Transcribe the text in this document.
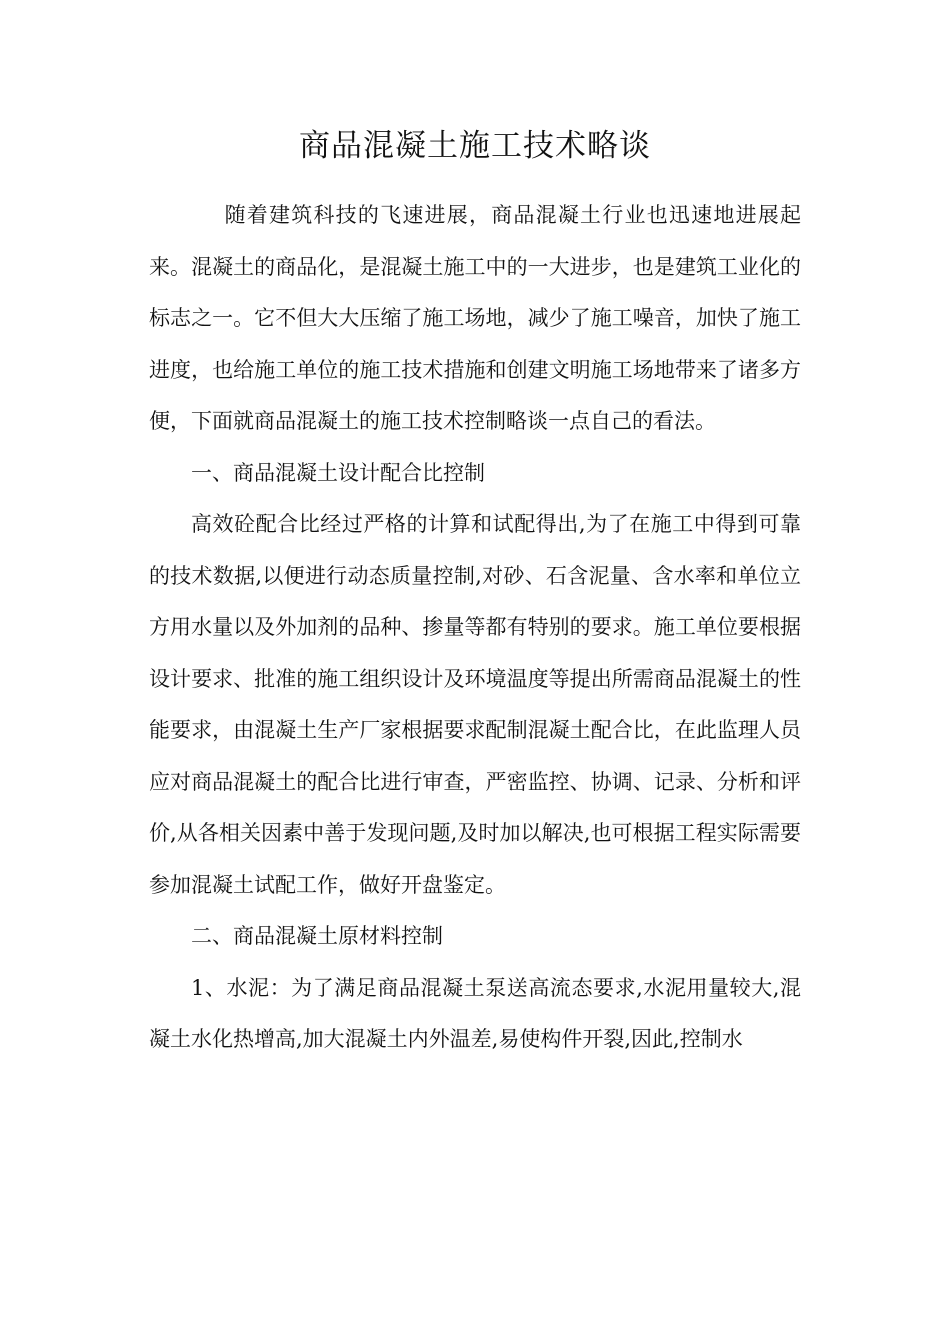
商品混凝土施工技术略谈

随着建筑科技的飞速进展，商品混凝土行业也迅速地进展起来。混凝土的商品化，是混凝土施工中的一大进步，也是建筑工业化的标志之一。它不但大大压缩了施工场地，减少了施工噪音，加快了施工进度，也给施工单位的施工技术措施和创建文明施工场地带来了诸多方便，下面就商品混凝土的施工技术控制略谈一点自己的看法。

一、商品混凝土设计配合比控制

高效砼配合比经过严格的计算和试配得出,为了在施工中得到可靠的技术数据,以便进行动态质量控制,对砂、石含泥量、含水率和单位立方用水量以及外加剂的品种、掺量等都有特别的要求。施工单位要根据设计要求、批准的施工组织设计及环境温度等提出所需商品混凝土的性能要求，由混凝土生产厂家根据要求配制混凝土配合比，在此监理人员应对商品混凝土的配合比进行审查，严密监控、协调、记录、分析和评价,从各相关因素中善于发现问题,及时加以解决,也可根据工程实际需要参加混凝土试配工作，做好开盘鉴定。

二、商品混凝土原材料控制

1、水泥：为了满足商品混凝土泵送高流态要求,水泥用量较大,混凝土水化热增高,加大混凝土内外温差,易使构件开裂,因此,控制水
